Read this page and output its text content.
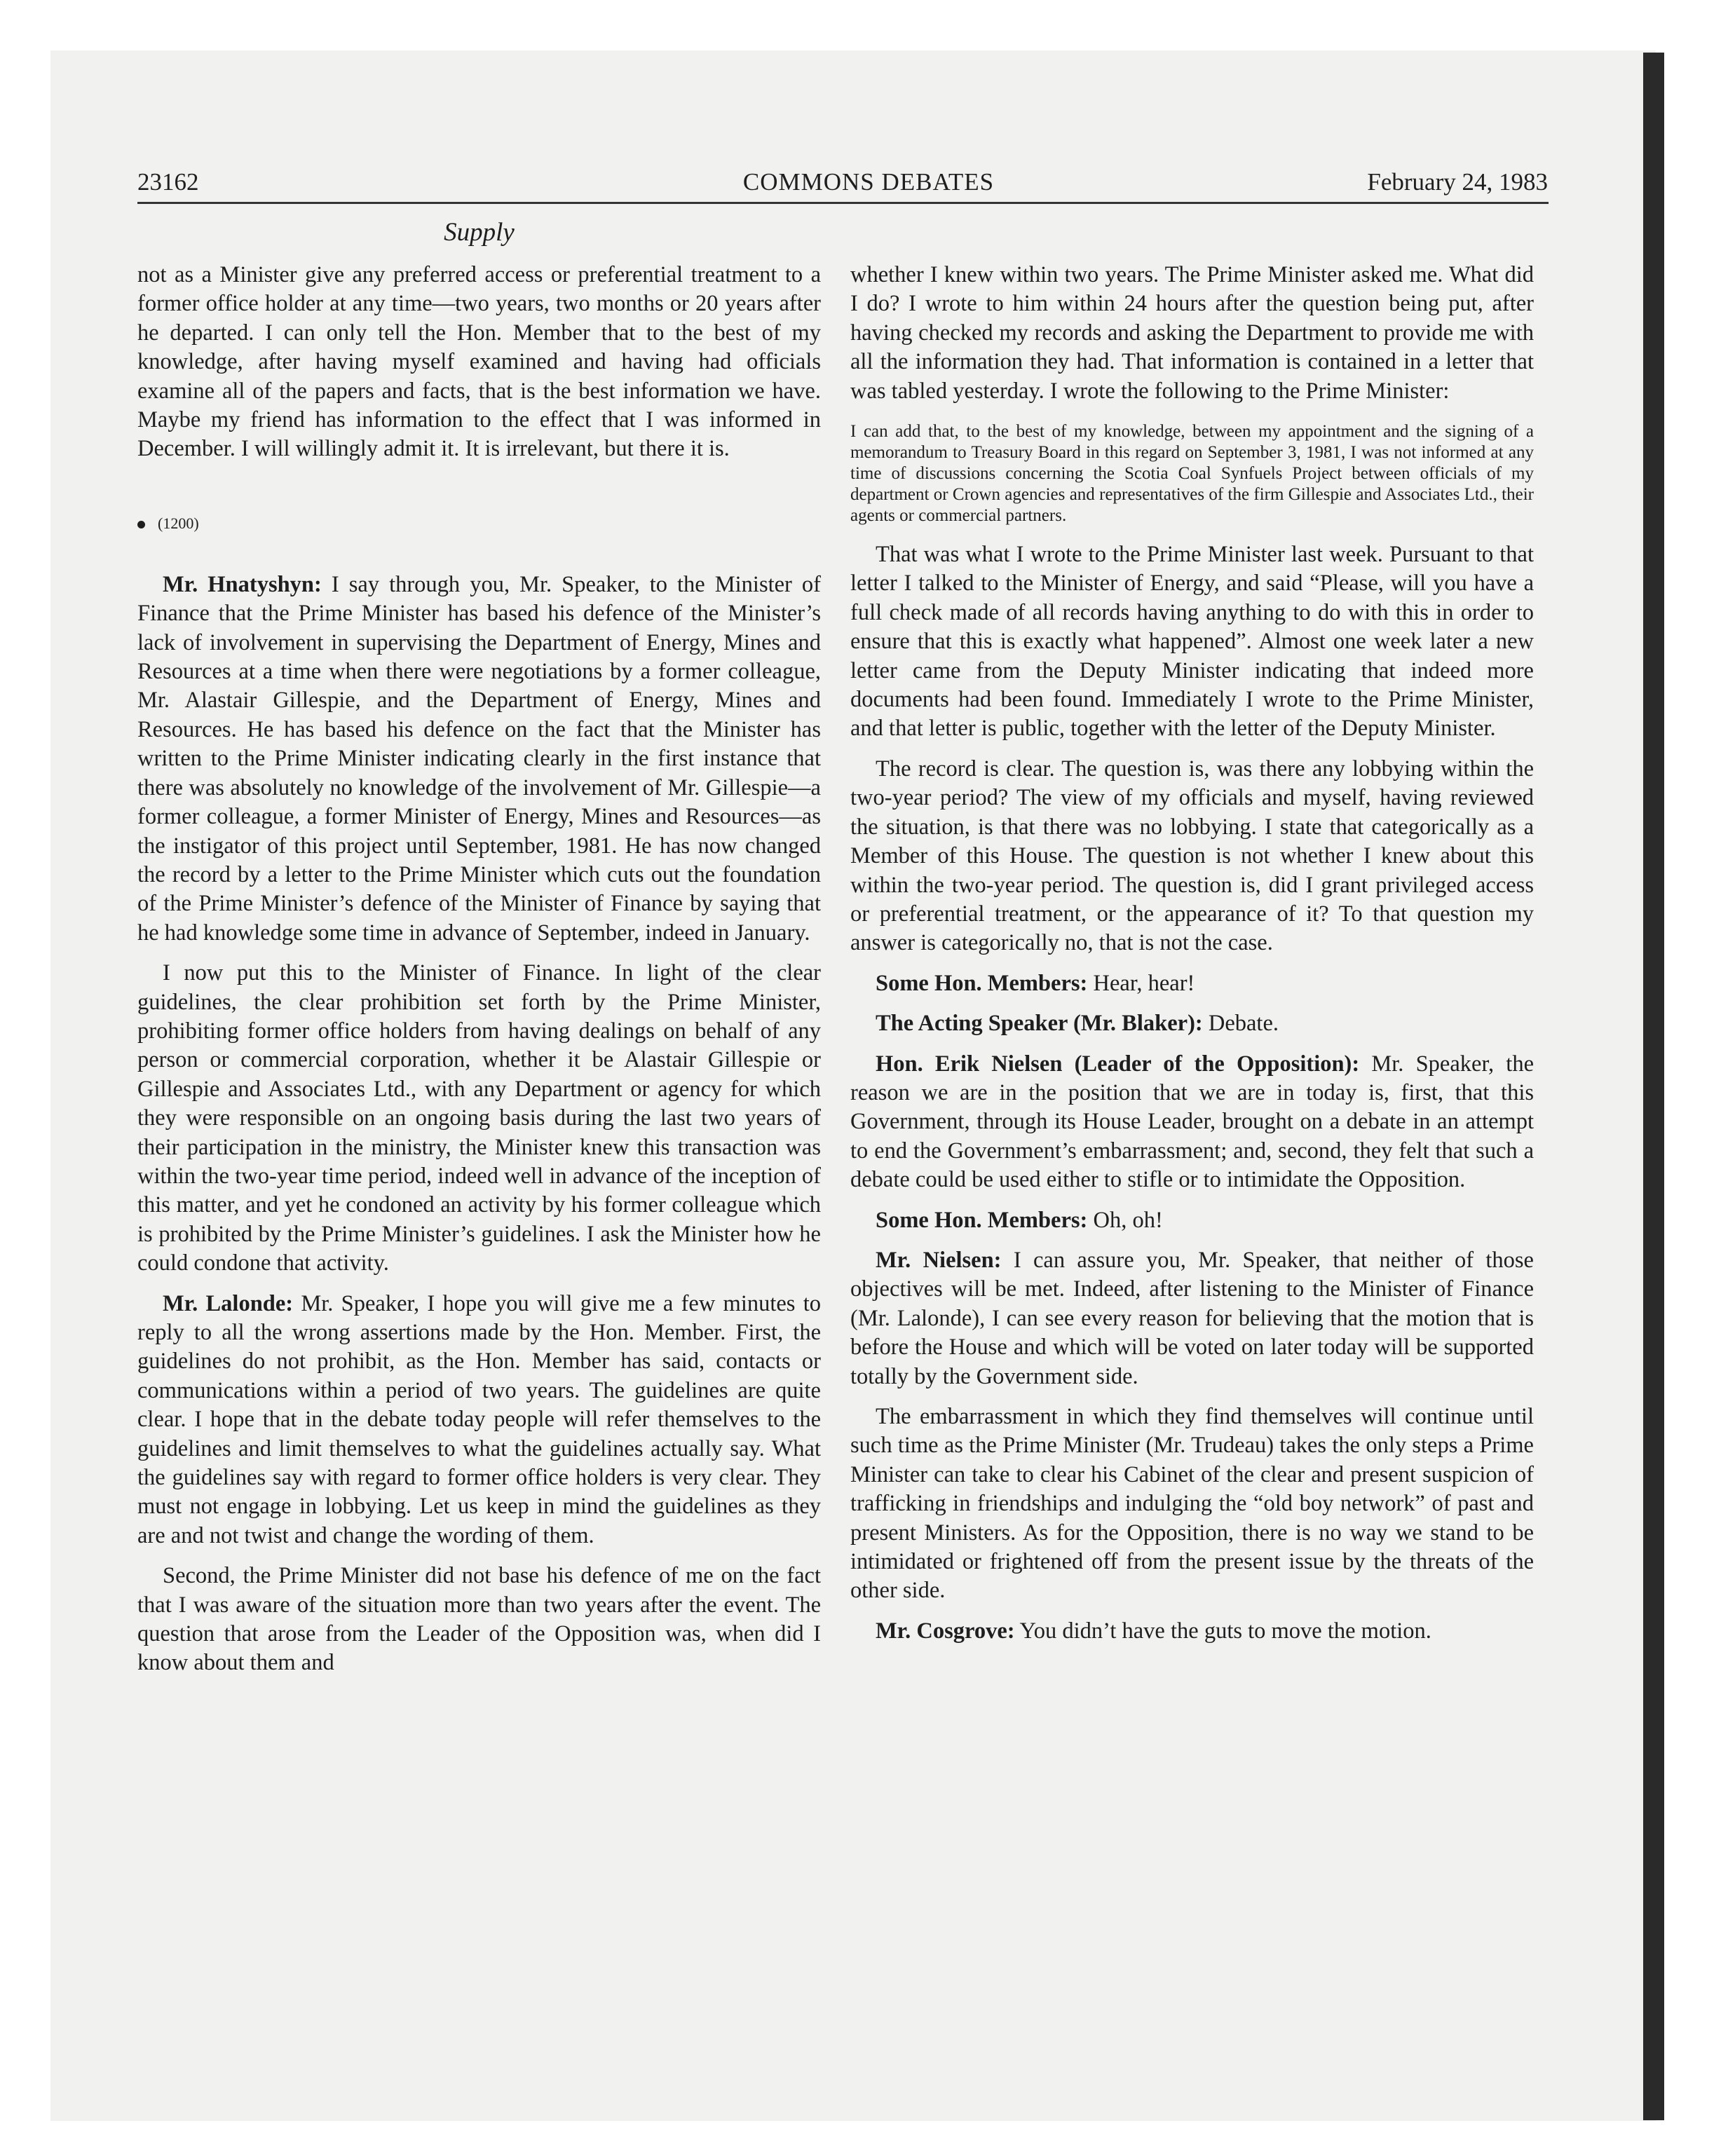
23162	COMMONS DEBATES	February 24, 1983
Supply

not as a Minister give any preferred access or preferential treatment to a former office holder at any time—two years, two months or 20 years after he departed. I can only tell the Hon. Member that to the best of my knowledge, after having myself examined and having had officials examine all of the papers and facts, that is the best information we have. Maybe my friend has information to the effect that I was informed in December. I will willingly admit it. It is irrelevant, but there it is.

(1200)

Mr. Hnatyshyn: I say through you, Mr. Speaker, to the Minister of Finance that the Prime Minister has based his defence of the Minister’s lack of involvement in supervising the Department of Energy, Mines and Resources at a time when there were negotiations by a former colleague, Mr. Alastair Gillespie, and the Department of Energy, Mines and Resources. He has based his defence on the fact that the Minister has written to the Prime Minister indicating clearly in the first instance that there was absolutely no knowledge of the involvement of Mr. Gillespie—a former colleague, a former Minister of Energy, Mines and Resources—as the instigator of this project until September, 1981. He has now changed the record by a letter to the Prime Minister which cuts out the foundation of the Prime Minister’s defence of the Minister of Finance by saying that he had knowledge some time in advance of September, indeed in January.

I now put this to the Minister of Finance. In light of the clear guidelines, the clear prohibition set forth by the Prime Minister, prohibiting former office holders from having dealings on behalf of any person or commercial corporation, whether it be Alastair Gillespie or Gillespie and Associates Ltd., with any Department or agency for which they were responsible on an ongoing basis during the last two years of their participation in the ministry, the Minister knew this transaction was within the two-year time period, indeed well in advance of the inception of this matter, and yet he condoned an activity by his former colleague which is prohibited by the Prime Minister’s guidelines. I ask the Minister how he could condone that activity.

Mr. Lalonde: Mr. Speaker, I hope you will give me a few minutes to reply to all the wrong assertions made by the Hon. Member. First, the guidelines do not prohibit, as the Hon. Member has said, contacts or communications within a period of two years. The guidelines are quite clear. I hope that in the debate today people will refer themselves to the guidelines and limit themselves to what the guidelines actually say. What the guidelines say with regard to former office holders is very clear. They must not engage in lobbying. Let us keep in mind the guidelines as they are and not twist and change the wording of them.

Second, the Prime Minister did not base his defence of me on the fact that I was aware of the situation more than two years after the event. The question that arose from the Leader of the Opposition was, when did I know about them and

whether I knew within two years. The Prime Minister asked me. What did I do? I wrote to him within 24 hours after the question being put, after having checked my records and asking the Department to provide me with all the information they had. That information is contained in a letter that was tabled yesterday. I wrote the following to the Prime Minister:

I can add that, to the best of my knowledge, between my appointment and the signing of a memorandum to Treasury Board in this regard on September 3, 1981, I was not informed at any time of discussions concerning the Scotia Coal Synfuels Project between officials of my department or Crown agencies and representatives of the firm Gillespie and Associates Ltd., their agents or commercial partners.

That was what I wrote to the Prime Minister last week. Pursuant to that letter I talked to the Minister of Energy, and said “Please, will you have a full check made of all records having anything to do with this in order to ensure that this is exactly what happened”. Almost one week later a new letter came from the Deputy Minister indicating that indeed more documents had been found. Immediately I wrote to the Prime Minister, and that letter is public, together with the letter of the Deputy Minister.

The record is clear. The question is, was there any lobbying within the two-year period? The view of my officials and myself, having reviewed the situation, is that there was no lobbying. I state that categorically as a Member of this House. The question is not whether I knew about this within the two-year period. The question is, did I grant privileged access or preferential treatment, or the appearance of it? To that question my answer is categorically no, that is not the case.

Some Hon. Members: Hear, hear!

The Acting Speaker (Mr. Blaker): Debate.

Hon. Erik Nielsen (Leader of the Opposition): Mr. Speaker, the reason we are in the position that we are in today is, first, that this Government, through its House Leader, brought on a debate in an attempt to end the Government’s embarrassment; and, second, they felt that such a debate could be used either to stifle or to intimidate the Opposition.

Some Hon. Members: Oh, oh!

Mr. Nielsen: I can assure you, Mr. Speaker, that neither of those objectives will be met. Indeed, after listening to the Minister of Finance (Mr. Lalonde), I can see every reason for believing that the motion that is before the House and which will be voted on later today will be supported totally by the Government side.

The embarrassment in which they find themselves will continue until such time as the Prime Minister (Mr. Trudeau) takes the only steps a Prime Minister can take to clear his Cabinet of the clear and present suspicion of trafficking in friendships and indulging the “old boy network” of past and present Ministers. As for the Opposition, there is no way we stand to be intimidated or frightened off from the present issue by the threats of the other side.

Mr. Cosgrove: You didn’t have the guts to move the motion.
